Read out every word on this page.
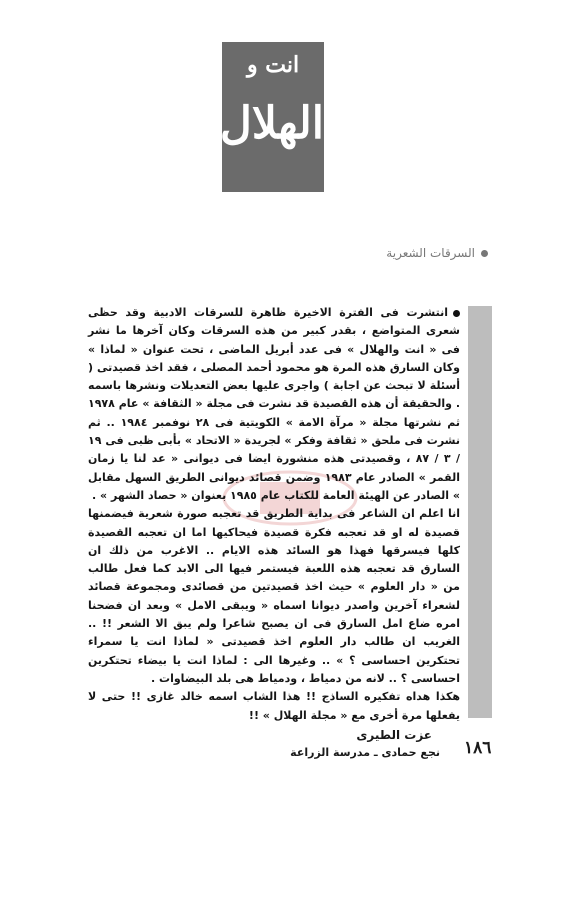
انت و
الهلال
السرقات الشعرية

انتشرت فى الفترة الاخيرة ظاهرة للسرقات الادبية وقد حظى شعرى المتواضع ، بقدر كبير من هذه السرقات وكان آخرها ما نشر فى « انت والهلال » فى عدد أبريل الماضى ، تحت عنوان « لماذا » وكان السارق هذه المرة هو محمود أحمد المصلى ، فقد اخذ قصيدتى ( أسئلة لا تبحث عن اجابة ) واجرى عليها بعض التعديلات ونشرها باسمه . والحقيقة أن هذه القصيدة قد نشرت فى مجلة « الثقافة » عام ١٩٧٨ ثم نشرتها مجلة « مرآة الامة » الكويتية فى ٢٨ نوفمبر ١٩٨٤ .. ثم نشرت فى ملحق « ثقافة وفكر » لجريدة « الاتحاد » بأبى ظبى فى ١٩ / ٣ / ٨٧ ، وقصيدتى هذه منشورة ايضا فى ديوانى « عد لنا يا زمان القمر » الصادر عام ١٩٨٣ وضمن قصائد ديوانى الطريق السهل مقابل » الصادر عن الهيئة العامة للكتاب عام ١٩٨٥ بعنوان « حصاد الشهر » .

انا اعلم ان الشاعر فى بداية الطريق قد تعجبه صورة شعرية فيضمنها قصيدة له او قد تعجبه فكرة قصيدة فيحاكيها اما ان تعجبه القصيدة كلها فيسرقها فهذا هو السائد هذه الايام .. الاغرب من ذلك ان السارق قد تعجبه هذه اللعبة فيستمر فيها الى الابد كما فعل طالب من « دار العلوم » حيث اخذ قصيدتين من قصائدى ومجموعة قصائد لشعراء آخرين واصدر ديوانا اسماه « ويبقى الامل » وبعد ان فضحنا امره ضاع امل السارق فى ان يصبح شاعرا ولم يبق الا الشعر !! .. الغريب ان طالب دار العلوم اخذ قصيدتى « لماذا انت يا سمراء تحتكرين احساسى ؟ » .. وغيرها الى : لماذا انت يا بيضاء تحتكرين احساسى ؟ .. لانه من دمياط ، ودمياط هى بلد البيضاوات .

هكذا هداه تفكيره الساذج !! هذا الشاب اسمه خالد غازى !! حتى لا يفعلها مرة أخرى مع « مجلة الهلال » !!

عزت الطيرى
نجع حمادى ـ مدرسة الزراعة ١٨٦
